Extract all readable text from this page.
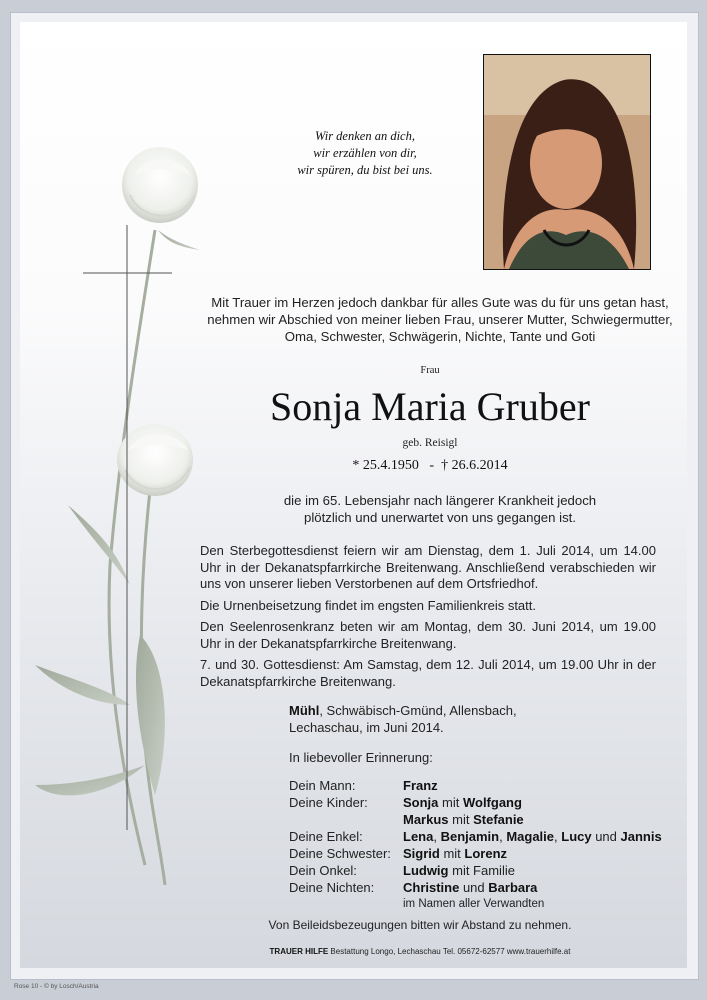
Wir denken an dich,
wir erzählen von dir,
wir spüren, du bist bei uns.
Mit Trauer im Herzen jedoch dankbar für alles Gute was du für uns getan hast,
nehmen wir Abschied von meiner lieben Frau, unserer Mutter, Schwiegermutter,
Oma, Schwester, Schwägerin, Nichte, Tante und Goti
Frau
Sonja Maria Gruber
geb. Reisigl
* 25.4.1950   -  † 26.6.2014
die im 65. Lebensjahr nach längerer Krankheit jedoch
plötzlich und unerwartet von uns gegangen ist.

Den Sterbegottesdienst feiern wir am Dienstag, dem 1. Juli 2014, um 14.00 Uhr in der Dekanatspfarrkirche Breitenwang. Anschließend verabschieden wir uns von unserer lieben Verstorbenen auf dem Ortsfriedhof.

Die Urnenbeisetzung findet im engsten Familienkreis statt.

Den Seelenrosenkranz beten wir am Montag, dem 30. Juni 2014, um 19.00 Uhr in der Dekanatspfarrkirche Breitenwang.

7. und 30. Gottesdienst: Am Samstag, dem 12. Juli 2014, um 19.00 Uhr in der Dekanatspfarrkirche Breitenwang.

Mühl, Schwäbisch-Gmünd, Allensbach,
Lechaschau, im Juni 2014.
In liebevoller Erinnerung:
Dein Mann:	Franz
Deine Kinder:	Sonja mit Wolfgang
Markus mit Stefanie
Deine Enkel:	Lena, Benjamin, Magalie, Lucy und Jannis
Deine Schwester: Sigrid mit Lorenz
Dein Onkel:	Ludwig mit Familie
Deine Nichten:	Christine und Barbara
im Namen aller Verwandten
Von Beileidsbezeugungen bitten wir Abstand zu nehmen.
TRAUER HILFE Bestattung Longo, Lechaschau Tel. 05672-62577 www.trauerhilfe.at
Rose 10 - © by Losch/Austria
